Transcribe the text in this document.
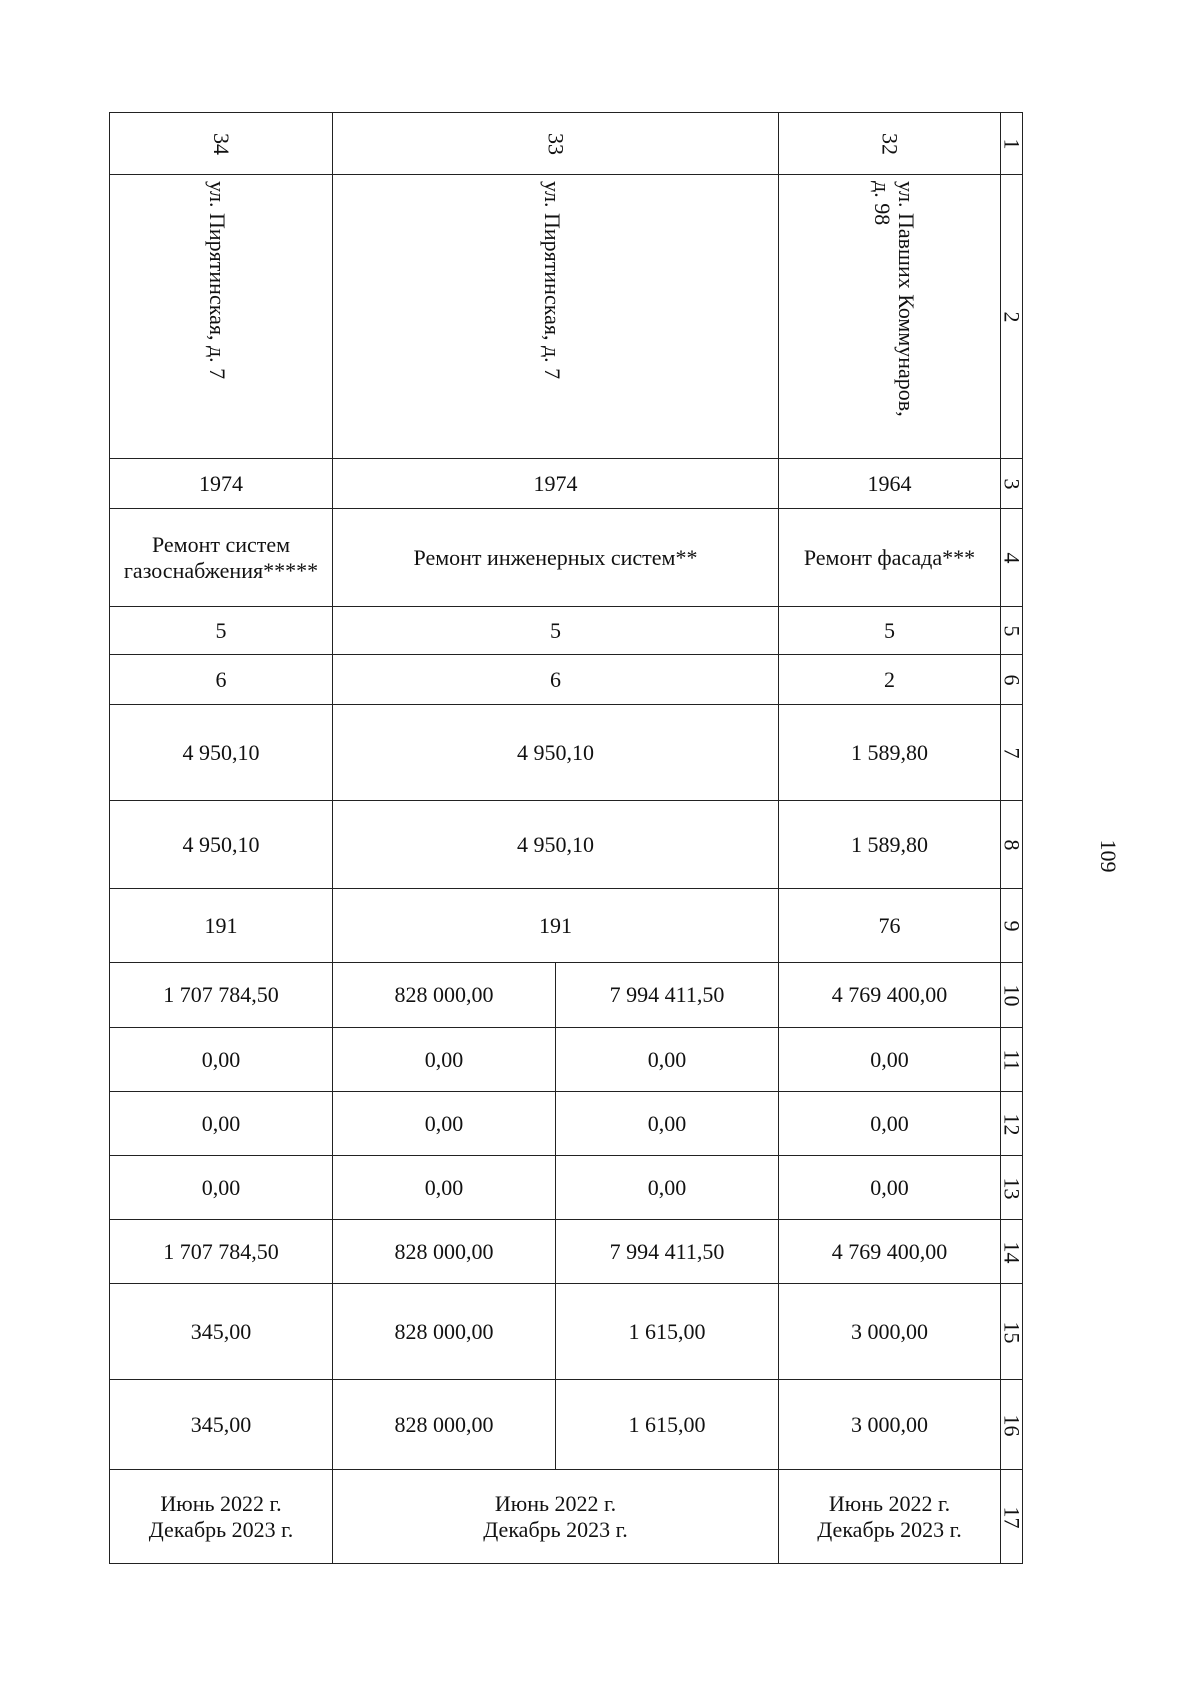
109
34	33		32	1

ул. Пирятинская, д. 7	ул. Пирятинская, д. 7		ул. Павших Коммунаров,
д. 98	2

1974	1974		1964	3

Ремонт систем
газоснабжения*****	Ремонт инженерных систем**		Ремонт фасада***	4

5	5		5	5

6	6		2	6

4 950,10	4 950,10		1 589,80	7

4 950,10	4 950,10		1 589,80	8

191	191		76	9

1 707 784,50	828 000,00	7 994 411,50	4 769 400,00	10

0,00	0,00	0,00	0,00	11

0,00	0,00	0,00	0,00	12

0,00	0,00	0,00	0,00	13

1 707 784,50	828 000,00	7 994 411,50	4 769 400,00	14

345,00	828 000,00	1 615,00	3 000,00	15

345,00	828 000,00	1 615,00	3 000,00	16

Июнь 2022 г.
Декабрь 2023 г.	Июнь 2022 г.
Декабрь 2023 г.		Июнь 2022 г.
Декабрь 2023 г.	17
